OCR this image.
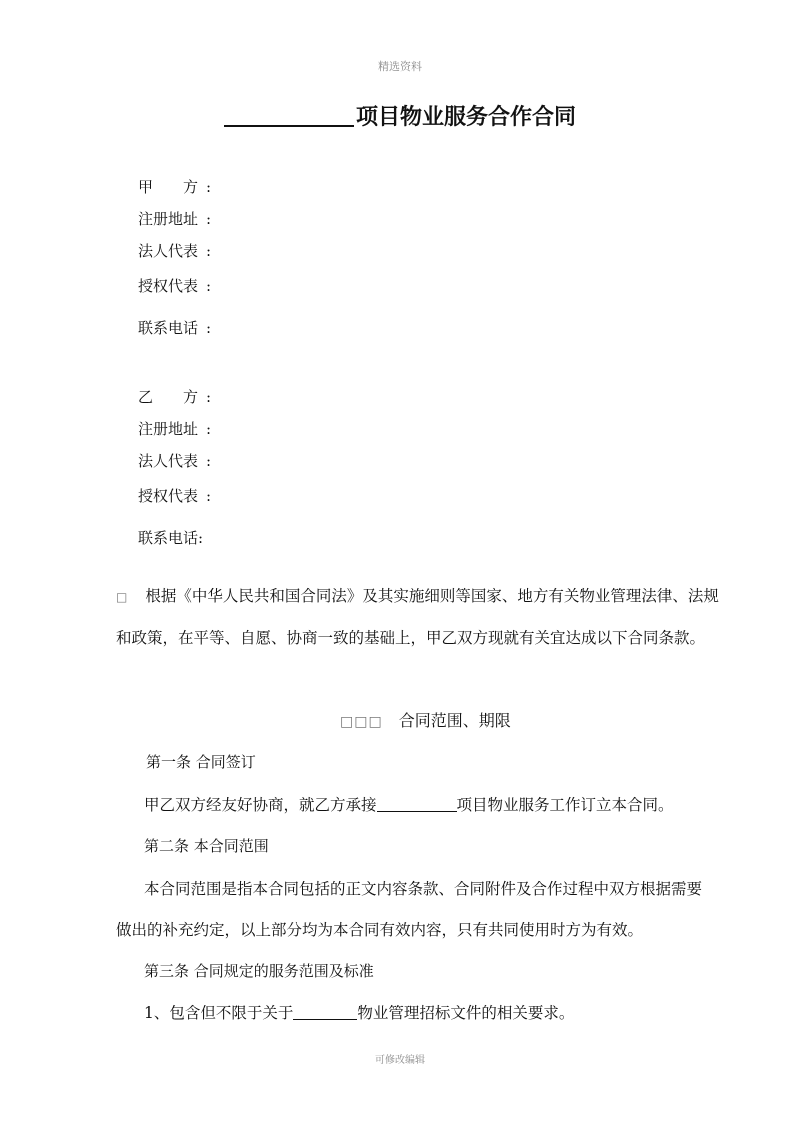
精选资料
项目物业服务合作合同
甲 方 :
注册地址 :
法人代表 :
授权代表 :
联系电话 :
乙 方 :
注册地址 :
法人代表 :
授权代表 :
联系电话:
□ 根据《中华人民共和国合同法》及其实施细则等国家、地方有关物业管理法律、法规
和政策，在平等、自愿、协商一致的基础上，甲乙双方现就有关宜达成以下合同条款。
□□□ 合同范围、期限
第一条 合同签订
甲乙双方经友好协商，就乙方承接	项目物业服务工作订立本合同。
第二条 本合同范围
本合同范围是指本合同包括的正文内容条款、合同附件及合作过程中双方根据需要
做出的补充约定，以上部分均为本合同有效内容，只有共同使用时方为有效。
第三条 合同规定的服务范围及标准
1、包含但不限于关于	物业管理招标文件的相关要求。
可修改编辑
